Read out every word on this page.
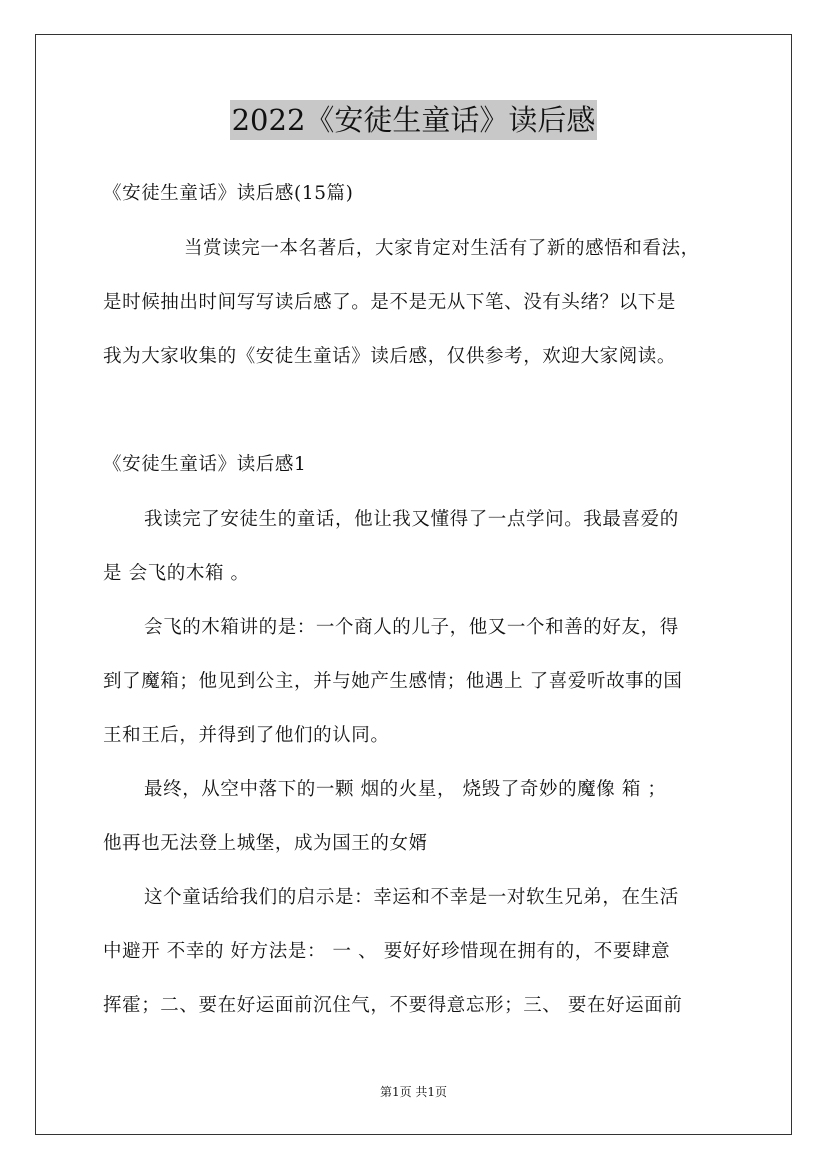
2022《安徒生童话》读后感
《安徒生童话》读后感(15篇)
当赏读完一本名著后，大家肯定对生活有了新的感悟和看法，
是时候抽出时间写写读后感了。是不是无从下笔、没有头绪？以下是
我为大家收集的《安徒生童话》读后感，仅供参考，欢迎大家阅读。
《安徒生童话》读后感1
我读完了安徒生的童话，他让我又懂得了一点学问。我最喜爱的
是 会飞的木箱 。
会飞的木箱讲的是：一个商人的儿子，他又一个和善的好友，得
到了魔箱；他见到公主，并与她产生感情；他遇上 了喜爱听故事的国
王和王后，并得到了他们的认同。
最终，从空中落下的一颗 烟的火星， 烧毁了奇妙的魔像 箱 ；
他再也无法登上城堡，成为国王的女婿
这个童话给我们的启示是：幸运和不幸是一对软生兄弟，在生活
中避开 不幸的 好方法是： 一 、 要好好珍惜现在拥有的，不要肆意
挥霍；二、要在好运面前沉住气，不要得意忘形；三、 要在好运面前
第1页 共1页
